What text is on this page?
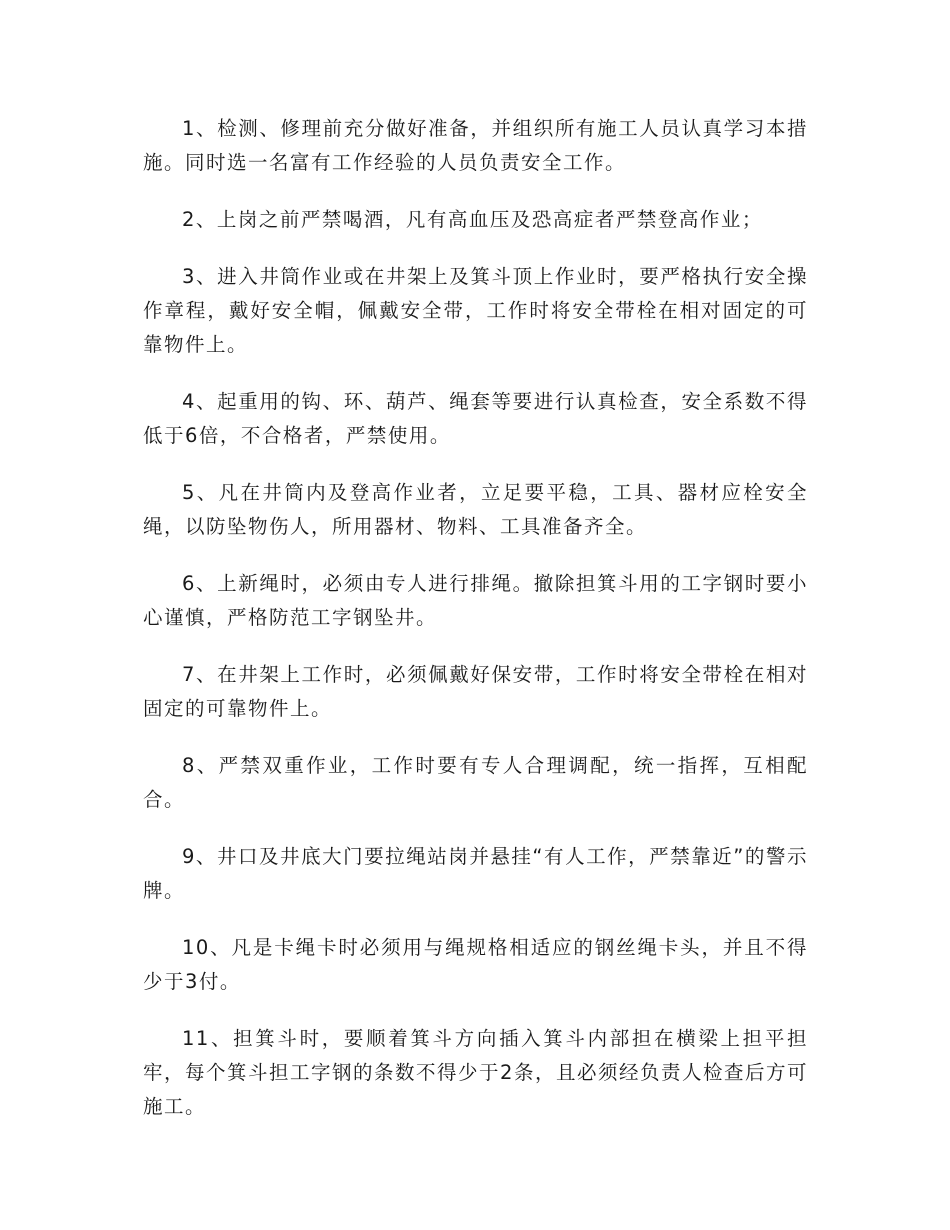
1、检测、修理前充分做好准备，并组织所有施工人员认真学习本措施。同时选一名富有工作经验的人员负责安全工作。

2、上岗之前严禁喝酒，凡有高血压及恐高症者严禁登高作业；

3、进入井筒作业或在井架上及箕斗顶上作业时，要严格执行安全操作章程，戴好安全帽，佩戴安全带，工作时将安全带栓在相对固定的可靠物件上。

4、起重用的钩、环、葫芦、绳套等要进行认真检查，安全系数不得低于6倍，不合格者，严禁使用。

5、凡在井筒内及登高作业者，立足要平稳，工具、器材应栓安全绳，以防坠物伤人，所用器材、物料、工具准备齐全。

6、上新绳时，必须由专人进行排绳。撤除担箕斗用的工字钢时要小心谨慎，严格防范工字钢坠井。

7、在井架上工作时，必须佩戴好保安带，工作时将安全带栓在相对固定的可靠物件上。

8、严禁双重作业，工作时要有专人合理调配，统一指挥，互相配合。

9、井口及井底大门要拉绳站岗并悬挂“有人工作，严禁靠近”的警示牌。

10、凡是卡绳卡时必须用与绳规格相适应的钢丝绳卡头，并且不得少于3付。

11、担箕斗时，要顺着箕斗方向插入箕斗内部担在横梁上担平担牢，每个箕斗担工字钢的条数不得少于2条，且必须经负责人检查后方可施工。
